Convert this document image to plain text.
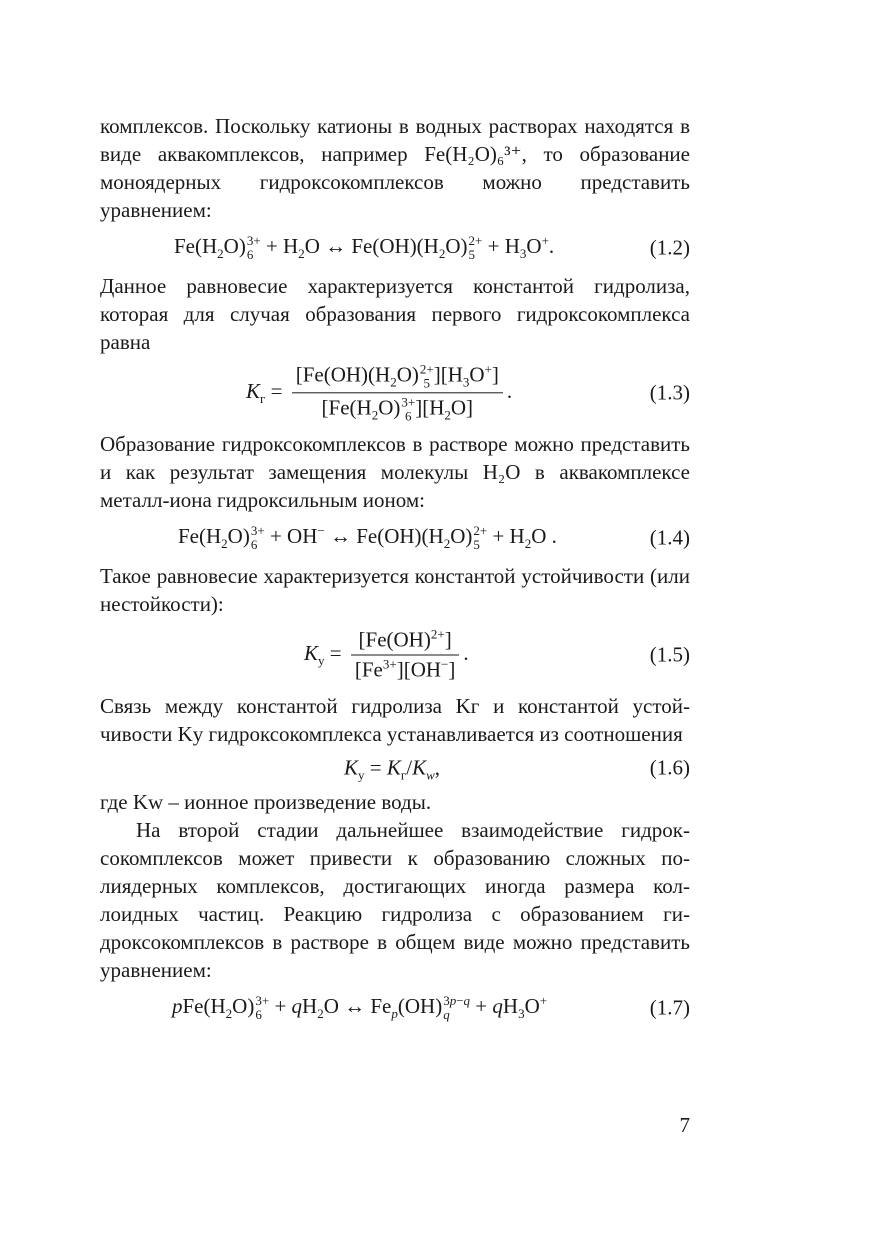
комплексов. Поскольку катионы в водных растворах находятся в виде аквакомплексов, например Fe(H₂O)₆³⁺, то образование моноядерных гидроксокомплексов можно представить уравнением:

$Fe(H_2O)$ 3+
$6 + H_2O$ ↔ $Fe(OH)(H_2O)$ 2+
$5 + H_3O^+$.	(1.2)

Данное равновесие характеризуется константой гидролиза, которая для случая образования первого гидроксокомплекса равна

$K_г = [Fe(OH)(H_2O)$ 2+
5 ]$[H_3O^+]$
[$Fe(H_2O)$ 3+
6 ]$[H_2O]$ .	(1.3)

Образование гидроксокомплексов в растворе можно представить и как результат замещения молекулы H₂O в аквакомплексе металл-иона гидроксильным ионом:

$Fe(H_2O)$ 3+
6 + OH− ↔ $Fe(OH)(H_2O)$ 2+
$5 + H_2O$ .	(1.4)

Такое равновесие характеризуется константой устойчивости (или нестойкости):

$K_у = \frac{[Fe(OH)^{2+}]}{[Fe^{3+}][OH^-]}$ .	(1.5)

Связь между константой гидролиза Kг и константой устойчивости Kу гидроксокомплекса устанавливается из соотношения

$K_у = K_г/K_w$,	(1.6)

где Kw – ионное произведение воды.

На второй стадии дальнейшее взаимодействие гидроксокомплексов может привести к образованию сложных полиядерных комплексов, достигающих иногда размера коллоидных частиц. Реакцию гидролиза с образованием гидроксокомплексов в растворе в общем виде можно представить уравнением:

$pFe(H_2O)$ 3+
$6 + qH_2O$ ↔ $Fe_p(OH)$ 3p−q
$q + qH_3O^+$	(1.7)
7
